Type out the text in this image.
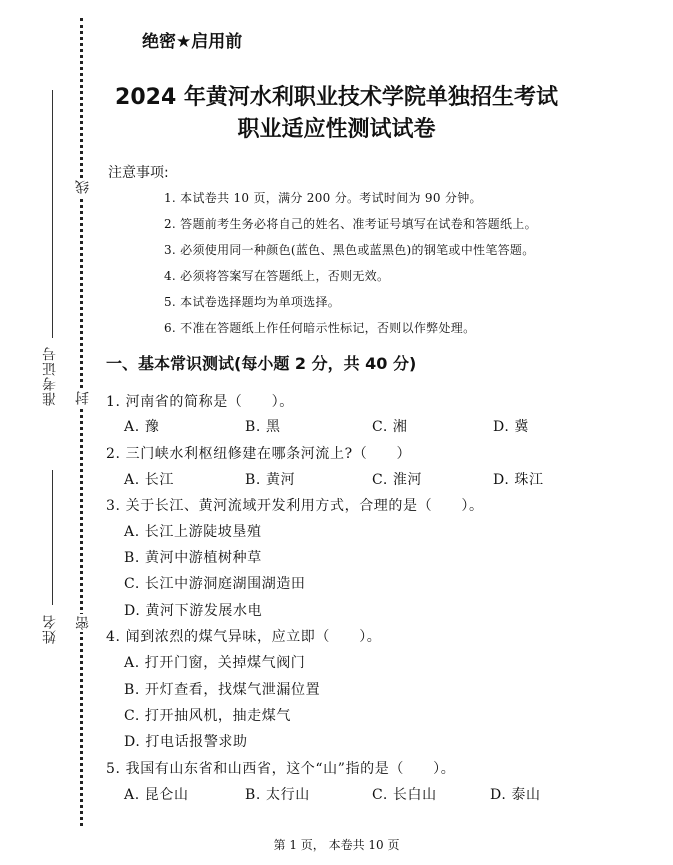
准考证号
姓名
线
封
密
绝密★启用前
2024 年黄河水利职业技术学院单独招生考试
职业适应性测试试卷
注意事项:
1. 本试卷共 10 页，满分 200 分。考试时间为 90 分钟。
2. 答题前考生务必将自己的姓名、准考证号填写在试卷和答题纸上。
3. 必须使用同一种颜色(蓝色、黑色或蓝黑色)的钢笔或中性笔答题。
4. 必须将答案写在答题纸上，否则无效。
5. 本试卷选择题均为单项选择。
6. 不准在答题纸上作任何暗示性标记，否则以作弊处理。
一、基本常识测试(每小题 2 分，共 40 分)
1. 河南省的简称是（　　）。
A. 豫	B. 黑	C. 湘	D. 冀
2. 三门峡水利枢纽修建在哪条河流上?（　　）
A. 长江	B. 黄河	C. 淮河	D. 珠江
3. 关于长江、黄河流域开发利用方式，合理的是（　　）。
A. 长江上游陡坡垦殖
B. 黄河中游植树种草
C. 长江中游洞庭湖围湖造田
D. 黄河下游发展水电
4. 闻到浓烈的煤气异味，应立即（　　）。
A. 打开门窗，关掉煤气阀门
B. 开灯查看，找煤气泄漏位置
C. 打开抽风机，抽走煤气
D. 打电话报警求助
5. 我国有山东省和山西省，这个“山”指的是（　　）。
A. 昆仑山	B. 太行山	C. 长白山	D. 泰山
第 1 页， 本卷共 10 页
